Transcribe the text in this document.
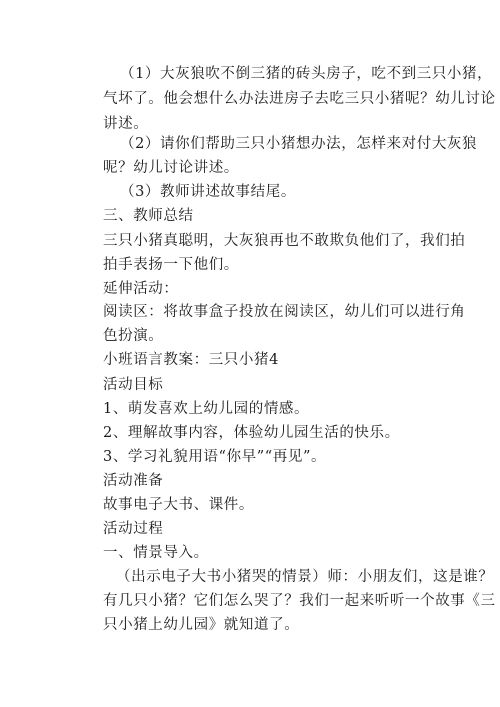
（1）大灰狼吹不倒三猪的砖头房子，吃不到三只小猪，
气坏了。他会想什么办法进房子去吃三只小猪呢？幼儿讨论
讲述。
（2）请你们帮助三只小猪想办法，怎样来对付大灰狼
呢？幼儿讨论讲述。
（3）教师讲述故事结尾。
三、教师总结
三只小猪真聪明，大灰狼再也不敢欺负他们了，我们拍
拍手表扬一下他们。
延伸活动：
阅读区：将故事盒子投放在阅读区，幼儿们可以进行角
色扮演。
小班语言教案：三只小猪4
活动目标
1、萌发喜欢上幼儿园的情感。
2、理解故事内容，体验幼儿园生活的快乐。
3、学习礼貌用语“你早”“再见”。
活动准备
故事电子大书、课件。
活动过程
一、情景导入。
（出示电子大书小猪哭的情景）师：小朋友们，这是谁？
有几只小猪？它们怎么哭了？我们一起来听听一个故事《三
只小猪上幼儿园》就知道了。
